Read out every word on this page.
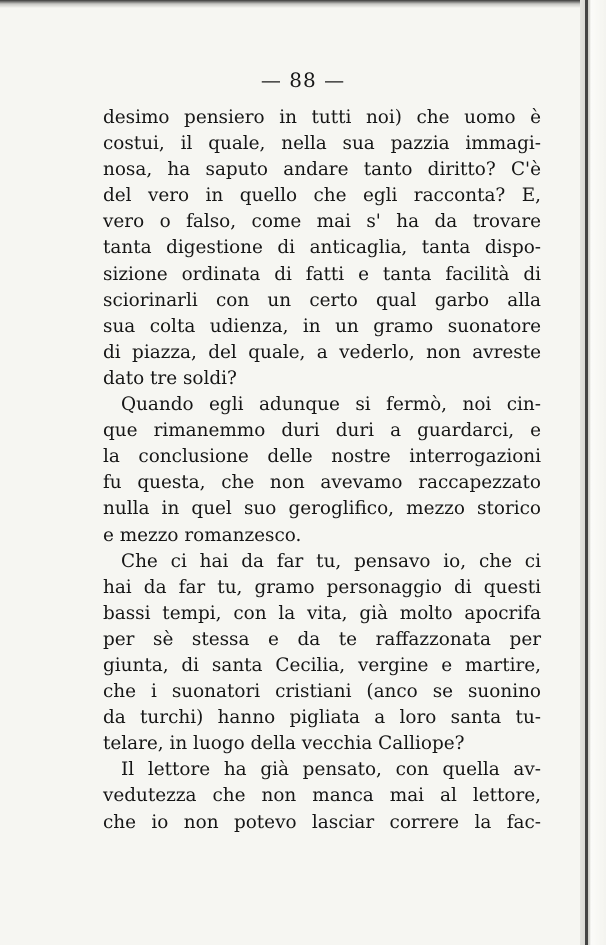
— 88 —
desimo pensiero in tutti noi) che uomo è
costui, il quale, nella sua pazzia immagi-
nosa, ha saputo andare tanto diritto? C'è
del vero in quello che egli racconta? E,
vero o falso, come mai s' ha da trovare
tanta digestione di anticaglia, tanta dispo-
sizione ordinata di fatti e tanta facilità di
sciorinarli con un certo qual garbo alla
sua colta udienza, in un gramo suonatore
di piazza, del quale, a vederlo, non avreste
dato tre soldi?
Quando egli adunque si fermò, noi cin-
que rimanemmo duri duri a guardarci, e
la conclusione delle nostre interrogazioni
fu questa, che non avevamo raccapezzato
nulla in quel suo geroglifico, mezzo storico
e mezzo romanzesco.
Che ci hai da far tu, pensavo io, che ci
hai da far tu, gramo personaggio di questi
bassi tempi, con la vita, già molto apocrifa
per sè stessa e da te raffazzonata per
giunta, di santa Cecilia, vergine e martire,
che i suonatori cristiani (anco se suonino
da turchi) hanno pigliata a loro santa tu-
telare, in luogo della vecchia Calliope?
Il lettore ha già pensato, con quella av-
vedutezza che non manca mai al lettore,
che io non potevo lasciar correre la fac-
